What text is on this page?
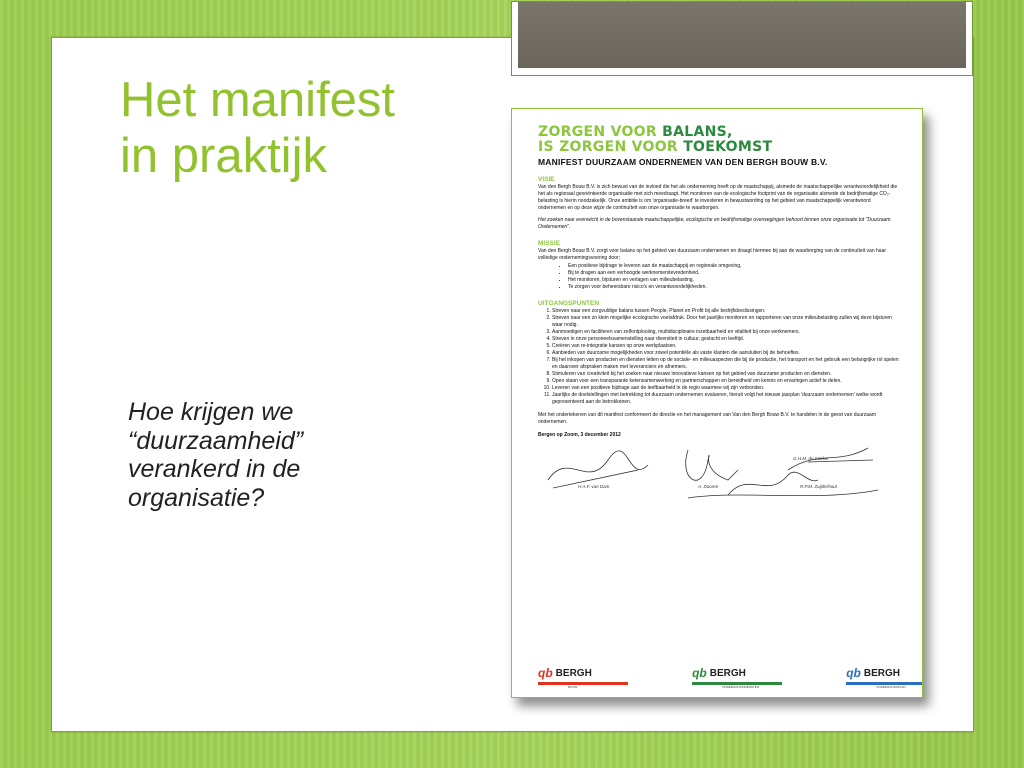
Het manifest
in praktijk

Hoe krijgen we “duurzaamheid” verankerd in de organisatie?

ZORGEN VOOR BALANS,
IS ZORGEN VOOR TOEKOMST
MANIFEST DUURZAAM ONDERNEMEN VAN DEN BERGH BOUW B.V.
VISIE
Van den Bergh Bouw B.V. is zich bewust van de invloed die het als onderneming heeft op de maatschappij, alsmede de maatschappelijke verantwoordelijkheid die het als regionaal georiënteerde organisatie met zich meedraagt. Het monitoren van de ecologische footprint van de organisatie alsmede de bedrijfsmatige CO₂-belasting is hierin noodzakelijk. Onze ambitie is om 'organisatie-breed' te investeren in bewustwording op het gebied van maatschappelijk verantwoord ondernemen en op deze wijze de continuïteit van onze organisatie te waarborgen.
Het zoeken naar evenwicht in de bovenstaande maatschappelijke, ecologische en bedrijfsmatige overwegingen behoort binnen onze organisatie tot "Duurzaam Ondernemen".
MISSIE
Van den Bergh Bouw B.V. zorgt voor balans op het gebied van duurzaam ondernemen en draagt hiermee bij aan de waarborging van de continuïteit van haar volledige ondernemingsvoering door;
• Een positieve bijdrage te leveren aan de maatschappij en regionale omgeving,
• Bij te dragen aan een verhoogde werknemerstevredenheid,
• Het monitoren, bijsturen en verlagen van milieubelasting,
• Te zorgen voor beheersbare risico's en verantwoordelijkheden.
UITGANGSPUNTEN
1. Streven naar een zorgvuldige balans tussen People, Planet en Profit bij alle bedrijfsbeslissingen.
2. Streven naar een zo klein mogelijke ecologische voetafdruk. Door het jaarlijks monitoren en rapporteren van onze milieubelasting zullen wij deze bijsturen waar nodig.
3. Aanmoedigen en faciliteren van zelfontplooiing, multidisciplinaire inzetbaarheid en vitaliteit bij onze werknemers.
4. Streven in onze personeelssamenstelling naar diversiteit in cultuur, geslacht en leeftijd.
5. Creëren van re-integratie kansen op onze werkplaatsen.
6. Aanbieden van duurzame mogelijkheden voor zowel potentiële als vaste klanten die aansluiten bij de behoeftes.
7. Bij het inkopen van producten en diensten letten op de sociale- en milieuaspecten die bij de productie, het transport en het gebruik een belangrijke rol spelen en daarover afspraken maken met leveranciers en afnemers.
8. Stimuleren van creativiteit bij het zoeken naar nieuwe innovatieve kansen op het gebied van duurzame producten en diensten.
9. Open staan voor een transparante ketensamenwerking en partnerschappen en bereidheid om kennis en ervaringen actief te delen.
10. Leveren van een positieve bijdrage aan de leefbaarheid in de regio waarmee wij zijn verbonden.
11. Jaarlijks de doelstellingen met betrekking tot duurzaam ondernemen evalueren, hieruit volgt het nieuwe jaarplan 'duurzaam ondernemen' welke wordt gepresenteerd aan de betrokkenen.
Met het ondertekenen van dit manifest conformeert de directie en het management van Van den Bergh Bouw B.V. te handelen in de geest van duurzaam ondernemen.
Bergen op Zoom, 3 december 2012
H.A.F. van Dam	A. Dooren	R.P.M. Zuijderhout
G.H.M. de Kokker
qb BERGH
BOUW
qb BERGH
ONDERHOUDSDIENSTEN
qb BERGH
ONDERHOUDSPLAN
